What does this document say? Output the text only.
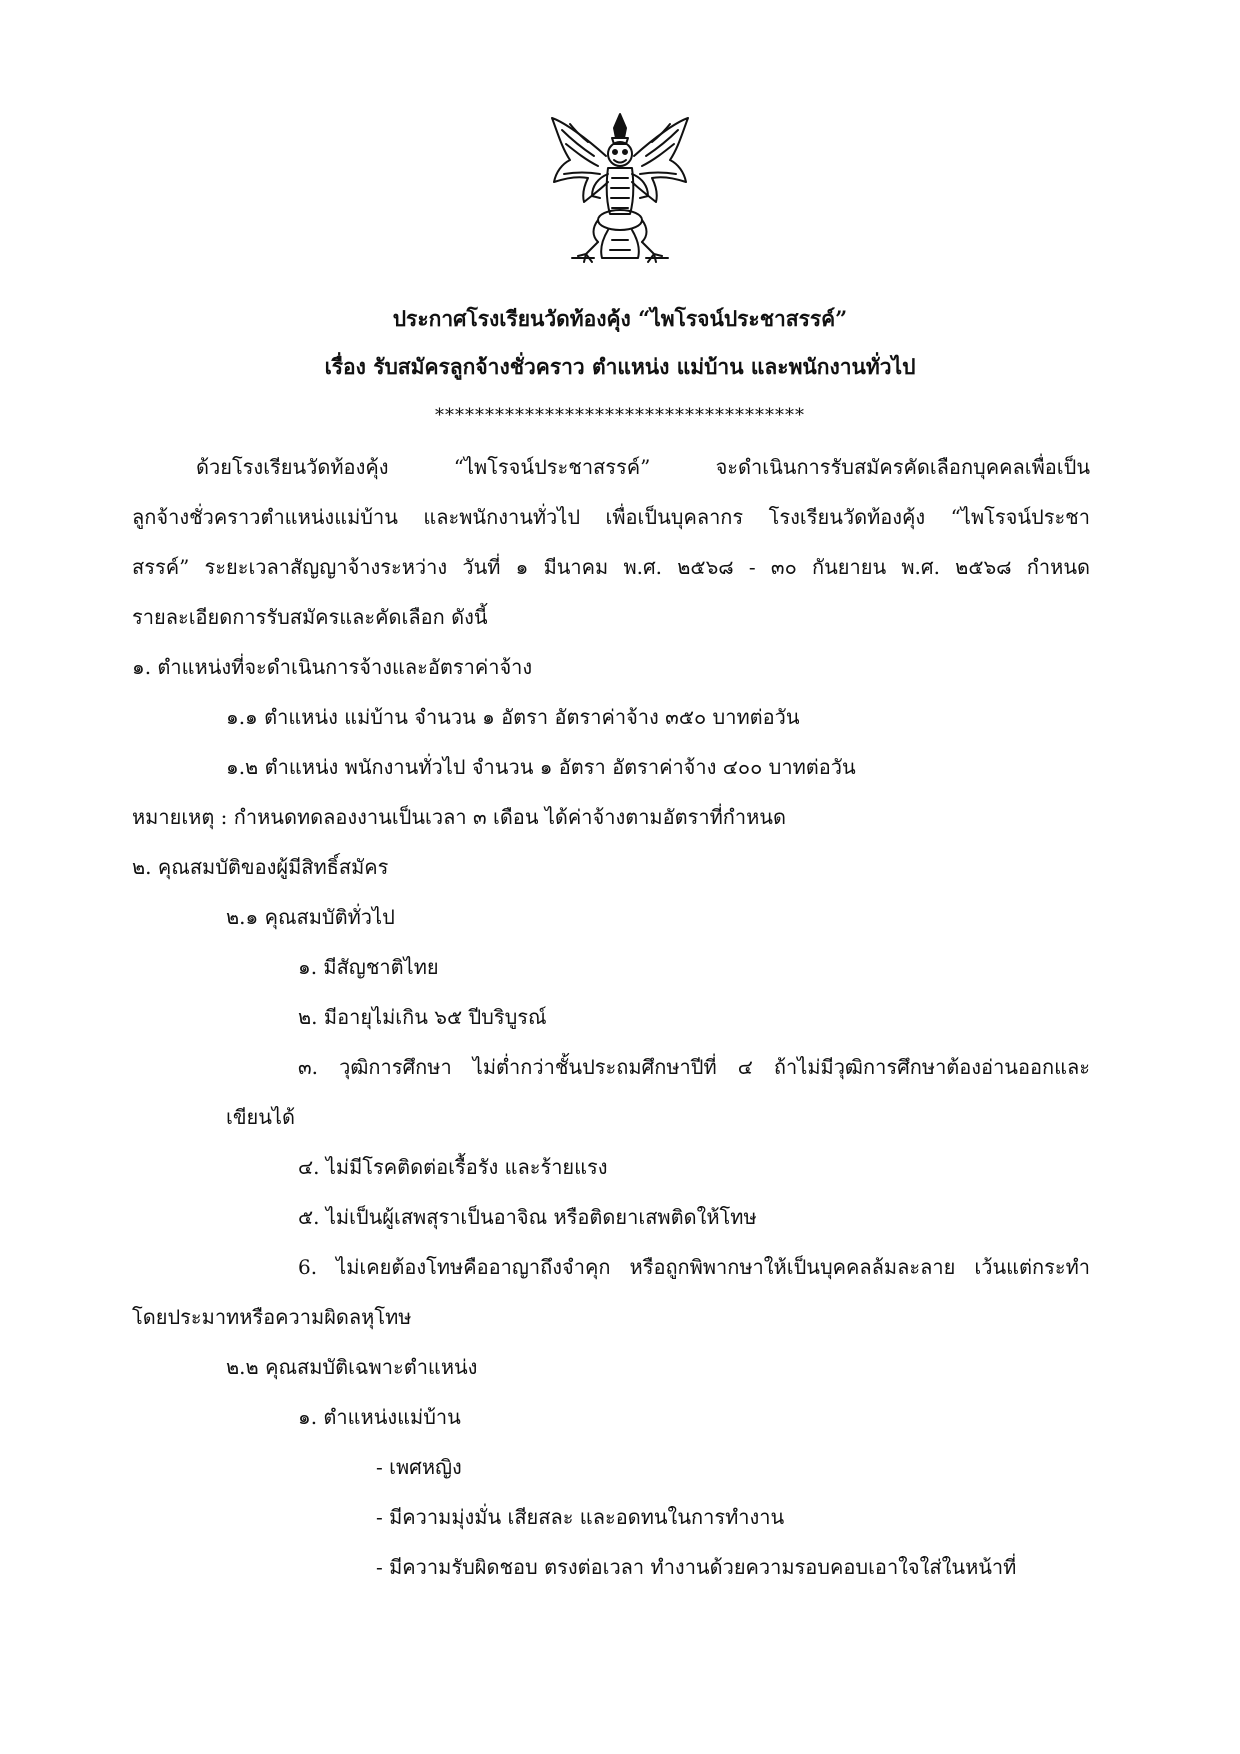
ประกาศโรงเรียนวัดท้องคุ้ง “ไพโรจน์ประชาสรรค์”
เรื่อง รับสมัครลูกจ้างชั่วคราว ตำแหน่ง แม่บ้าน และพนักงานทั่วไป
*************************************
ด้วยโรงเรียนวัดท้องคุ้ง “ไพโรจน์ประชาสรรค์” จะดำเนินการรับสมัครคัดเลือกบุคคลเพื่อเป็น
ลูกจ้างชั่วคราวตำแหน่งแม่บ้าน และพนักงานทั่วไป เพื่อเป็นบุคลากร โรงเรียนวัดท้องคุ้ง “ไพโรจน์ประชา
สรรค์” ระยะเวลาสัญญาจ้างระหว่าง วันที่ ๑ มีนาคม พ.ศ. ๒๕๖๘ - ๓๐ กันยายน พ.ศ. ๒๕๖๘ กำหนด
รายละเอียดการรับสมัครและคัดเลือก ดังนี้
๑. ตำแหน่งที่จะดำเนินการจ้างและอัตราค่าจ้าง
๑.๑ ตำแหน่ง แม่บ้าน จำนวน ๑ อัตรา อัตราค่าจ้าง ๓๕๐ บาทต่อวัน
๑.๒ ตำแหน่ง พนักงานทั่วไป จำนวน ๑ อัตรา อัตราค่าจ้าง ๔๐๐ บาทต่อวัน
หมายเหตุ : กำหนดทดลองงานเป็นเวลา ๓ เดือน ได้ค่าจ้างตามอัตราที่กำหนด
๒. คุณสมบัติของผู้มีสิทธิ์สมัคร
๒.๑ คุณสมบัติทั่วไป
๑. มีสัญชาติไทย
๒. มีอายุไม่เกิน ๖๕ ปีบริบูรณ์
๓. วุฒิการศึกษา ไม่ต่ำกว่าชั้นประถมศึกษาปีที่ ๔ ถ้าไม่มีวุฒิการศึกษาต้องอ่านออกและ
เขียนได้
๔. ไม่มีโรคติดต่อเรื้อรัง และร้ายแรง
๕. ไม่เป็นผู้เสพสุราเป็นอาจิณ หรือติดยาเสพติดให้โทษ
6. ไม่เคยต้องโทษคืออาญาถึงจำคุก หรือถูกพิพากษาให้เป็นบุคคลล้มละลาย เว้นแต่กระทำ
โดยประมาทหรือความผิดลหุโทษ
๒.๒ คุณสมบัติเฉพาะตำแหน่ง
๑. ตำแหน่งแม่บ้าน
- เพศหญิง
- มีความมุ่งมั่น เสียสละ และอดทนในการทำงาน
- มีความรับผิดชอบ ตรงต่อเวลา ทำงานด้วยความรอบคอบเอาใจใส่ในหน้าที่
